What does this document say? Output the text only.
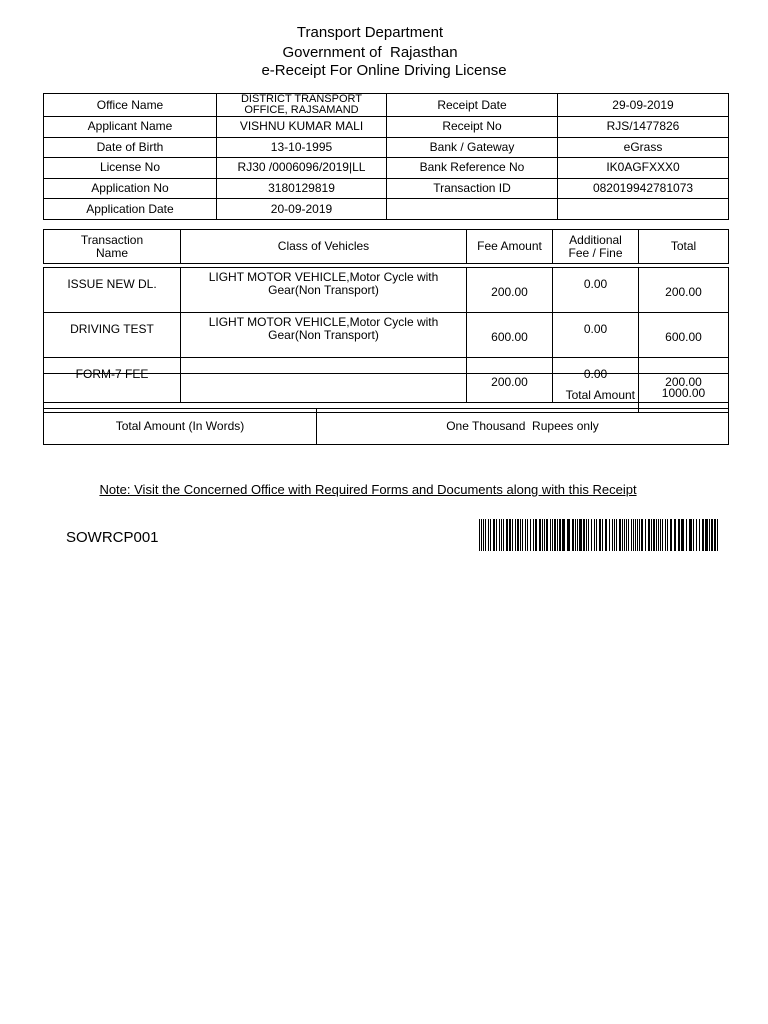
Transport Department
Government of  Rajasthan
e-Receipt For Online Driving License
Office Name	DISTRICT TRANSPORT OFFICE, RAJSAMAND	Receipt Date	29-09-2019
Applicant Name	VISHNU KUMAR MALI	Receipt No	RJS/1477826
Date of Birth	13-10-1995	Bank / Gateway	eGrass
License No	RJ30 /0006096/2019|LL	Bank Reference No	IK0AGFXXX0
Application No	3180129819	Transaction ID	082019942781073
Application Date	20-09-2019		
Transaction Name	Class of Vehicles	Fee Amount	Additional Fee / Fine	Total
ISSUE NEW DL.	LIGHT MOTOR VEHICLE,Motor Cycle with Gear(Non Transport)	200.00	0.00	200.00
DRIVING TEST	LIGHT MOTOR VEHICLE,Motor Cycle with Gear(Non Transport)	600.00	0.00	600.00
FORM-7 FEE		200.00	0.00	200.00
Total Amount	1000.00
Total Amount (In Words)	One Thousand  Rupees only
Note: Visit the Concerned Office with Required Forms and Documents along with this Receipt
SOWRCP001
